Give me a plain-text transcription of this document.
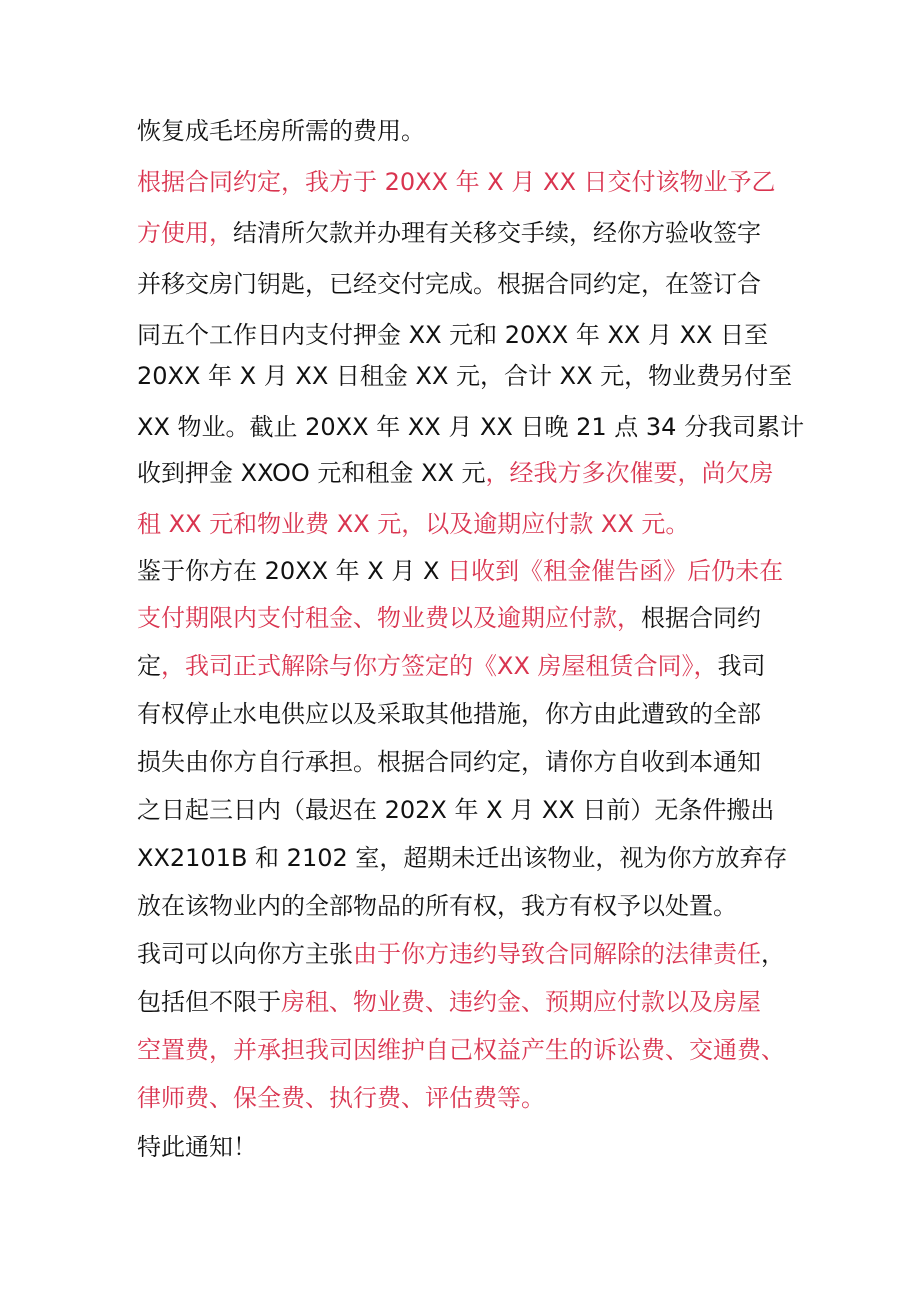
恢复成毛坯房所需的费用。
根据合同约定，我方于 20XX 年 X 月 XX 日交付该物业予乙
方使用，结清所欠款并办理有关移交手续，经你方验收签字
并移交房门钥匙，已经交付完成。根据合同约定，在签订合
同五个工作日内支付押金 XX 元和 20XX 年 XX 月 XX 日至
20XX 年 X 月 XX 日租金 XX 元，合计 XX 元，物业费另付至
XX 物业。截止 20XX 年 XX 月 XX 日晚 21 点 34 分我司累计
收到押金 XXOO 元和租金 XX 元，经我方多次催要，尚欠房
租 XX 元和物业费 XX 元，以及逾期应付款 XX 元。
鉴于你方在 20XX 年 X 月 X 日收到《租金催告函》后仍未在
支付期限内支付租金、物业费以及逾期应付款，根据合同约
定，我司正式解除与你方签定的《XX 房屋租赁合同》，我司
有权停止水电供应以及采取其他措施，你方由此遭致的全部
损失由你方自行承担。根据合同约定，请你方自收到本通知
之日起三日内（最迟在 202X 年 X 月 XX 日前）无条件搬出
XX2101B 和 2102 室，超期未迁出该物业，视为你方放弃存
放在该物业内的全部物品的所有权，我方有权予以处置。
我司可以向你方主张由于你方违约导致合同解除的法律责任，
包括但不限于房租、物业费、违约金、预期应付款以及房屋
空置费，并承担我司因维护自己权益产生的诉讼费、交通费、
律师费、保全费、执行费、评估费等。
特此通知！
